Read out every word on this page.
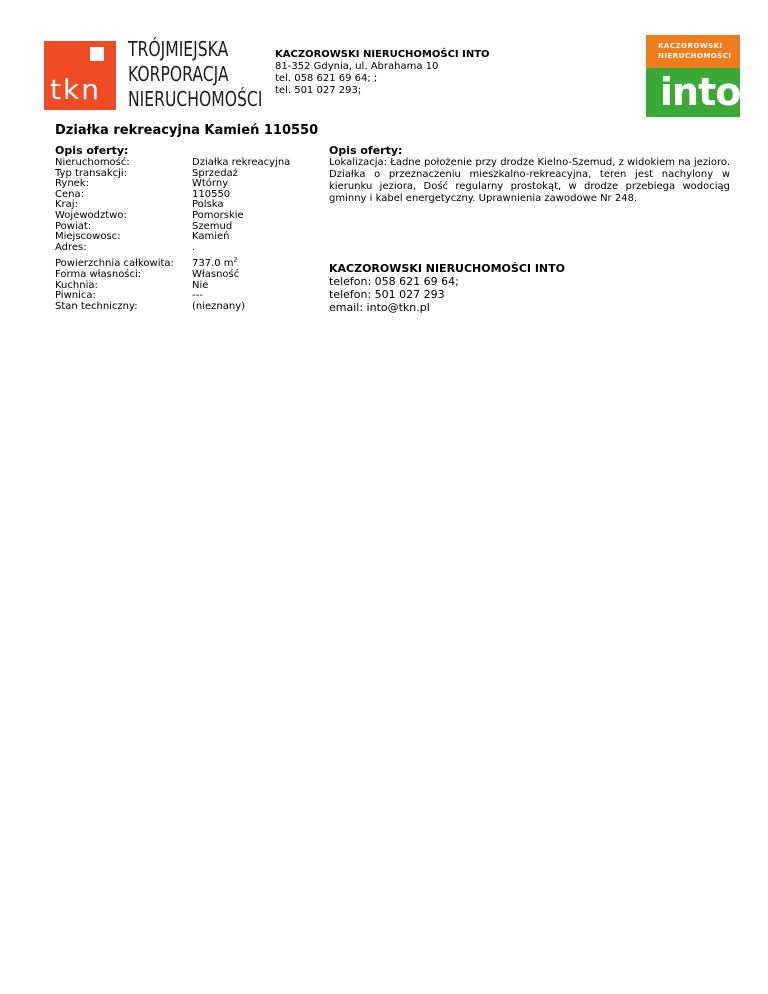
tkn
TRÓJMIEJSKA
KORPORACJA
NIERUCHOMOŚCI
KACZOROWSKI NIERUCHOMOŚCI INTO
81-352 Gdynia, ul. Abrahama 10
tel. 058 621 69 64; ;
tel. 501 027 293;
KACZOROWSKI
NIERUCHOMOŚCI
into
Działka rekreacyjna Kamień 110550
Opis oferty:
Nieruchomość:	Działka rekreacyjna
Typ transakcji:	Sprzedaż
Rynek:	Wtórny
Cena:	110550
Kraj:	Polska
Wojewodztwo:	Pomorskie
Powiat:	Szemud
Miejscowosc:	Kamień
Adres:	.
Powierzchnia całkowita:	737.0 $m^2$
Forma własności:	Własność
Kuchnia:	Nie
Piwnica:	---
Stan techniczny:	(nieznany)
Opis oferty:

Lokalizacja: Ładne położenie przy drodze Kielno-Szemud, z widokiem na jezioro. Działka o przeznaczeniu mieszkalno-rekreacyjna, teren jest nachylony w kierunku jeziora, Dość regularny prostokąt, w drodze przebiega wodociąg gminny i kabel energetyczny. Uprawnienia zawodowe Nr 248.

KACZOROWSKI NIERUCHOMOŚCI INTO
telefon: 058 621 69 64;
telefon: 501 027 293
email: into@tkn.pl
